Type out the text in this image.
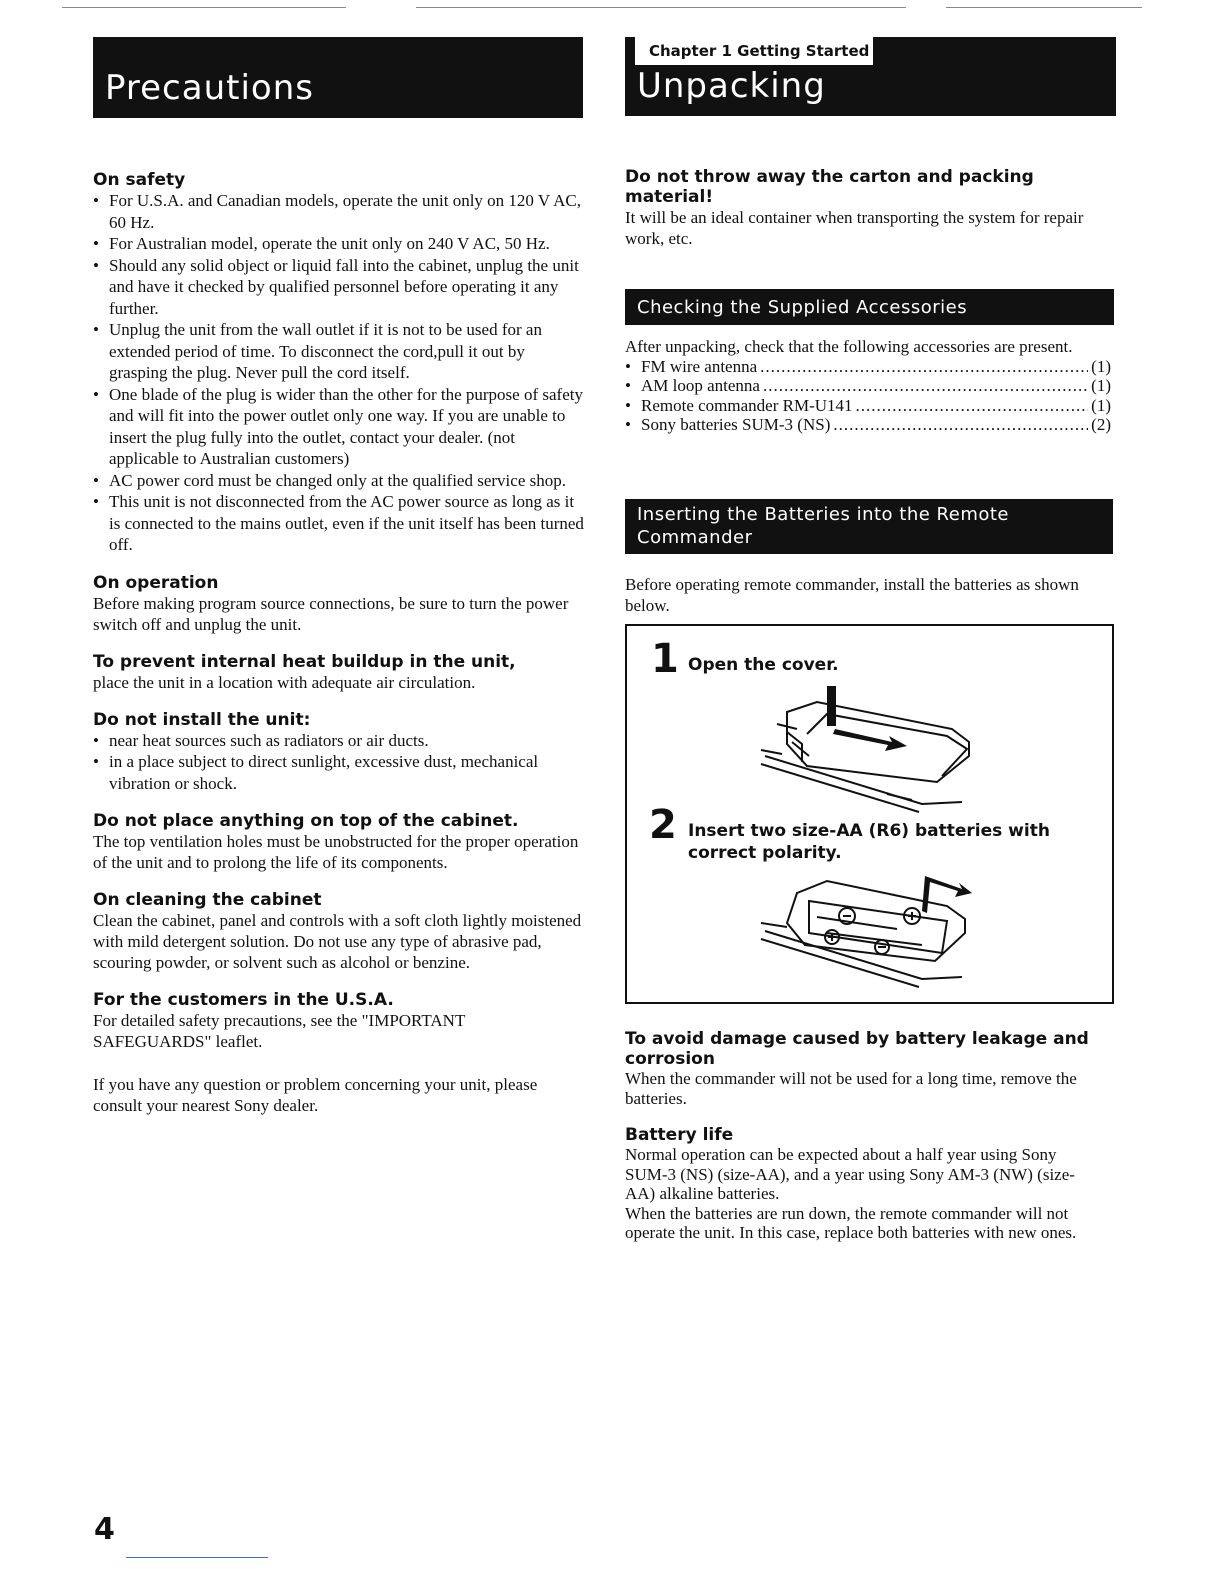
Precautions
Chapter 1 Getting Started
Unpacking
On safety
• For U.S.A. and Canadian models, operate the unit only on 120 V AC, 60 Hz.
• For Australian model, operate the unit only on 240 V AC, 50 Hz.
• Should any solid object or liquid fall into the cabinet, unplug the unit and have it checked by qualified personnel before operating it any further.
• Unplug the unit from the wall outlet if it is not to be used for an extended period of time. To disconnect the cord,pull it out by grasping the plug. Never pull the cord itself.
• One blade of the plug is wider than the other for the purpose of safety and will fit into the power outlet only one way. If you are unable to insert the plug fully into the outlet, contact your dealer. (not applicable to Australian customers)
• AC power cord must be changed only at the qualified service shop.
• This unit is not disconnected from the AC power source as long as it is connected to the mains outlet, even if the unit itself has been turned off.
On operation

Before making program source connections, be sure to turn the power switch off and unplug the unit.

To prevent internal heat buildup in the unit,

place the unit in a location with adequate air circulation.

Do not install the unit:
• near heat sources such as radiators or air ducts.
• in a place subject to direct sunlight, excessive dust, mechanical vibration or shock.
Do not place anything on top of the cabinet.

The top ventilation holes must be unobstructed for the proper operation of the unit and to prolong the life of its components.

On cleaning the cabinet

Clean the cabinet, panel and controls with a soft cloth lightly moistened with mild detergent solution. Do not use any type of abrasive pad, scouring powder, or solvent such as alcohol or benzine.

For the customers in the U.S.A.

For detailed safety precautions, see the "IMPORTANT SAFEGUARDS" leaflet.

If you have any question or problem concerning your unit, please consult your nearest Sony dealer.

Do not throw away the carton and packing material!

It will be an ideal container when transporting the system for repair work, etc.

Checking the Supplied Accessories

After unpacking, check that the following accessories are present.

• FM wire antenna .....	(1)
• AM loop antenna .....	(1)
• Remote commander RM-U141 .....	(1)
• Sony batteries SUM-3 (NS) .....	(2)
Inserting the Batteries into the Remote Commander

Before operating remote commander, install the batteries as shown below.

1 Open the cover.
2 Insert two size-AA (R6) batteries with correct polarity.
To avoid damage caused by battery leakage and corrosion

When the commander will not be used for a long time, remove the batteries.

Battery life

Normal operation can be expected about a half year using Sony SUM-3 (NS) (size-AA), and a year using Sony AM-3 (NW) (size-AA) alkaline batteries.

When the batteries are run down, the remote commander will not operate the unit. In this case, replace both batteries with new ones.

4
